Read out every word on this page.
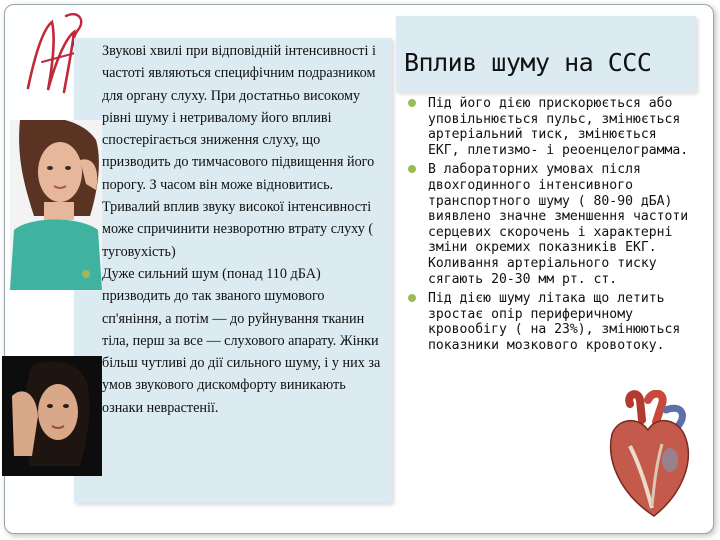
Звукові хвилі при відповідній інтенсивності і частоті являються специфічним подразником для органу слуху. При достатньо високому рівні шуму і нетривалому його впливі спостерігається зниження слуху, що призводить до тимчасового підвищення його порогу. З часом він може відновитись. Тривалий вплив звуку високої інтенсивності може спричинити незворотню втрату слуху ( туговухість)

Дуже сильний шум (понад 110 дБА) призводить до так званого шумового сп'яніння, а потім — до руйнування тканин тіла, перш за все — слухового апарату. Жінки більш чутливі до дії сильного шуму, і у них за умов звукового дискомфорту виникають ознаки неврастенії.

Вплив шуму на ССС
Під його дією прискорюється або уповільнюється пульс, змінюється артеріальний тиск, змінюється ЕКГ, плетизмо- і реоенцелограмма.
В лабораторних умовах після двохгодинного інтенсивного транспортного шуму ( 80-90 дБА) виявлено значне зменшення частоти серцевих скорочень і характерні зміни окремих показників ЕКГ. Коливання артеріального тиску сягають 20-30 мм рт. ст.
Під дією шуму літака що летить зростає опір периферичному кровообігу ( на 23%), змінюються показники мозкового кровотоку.
